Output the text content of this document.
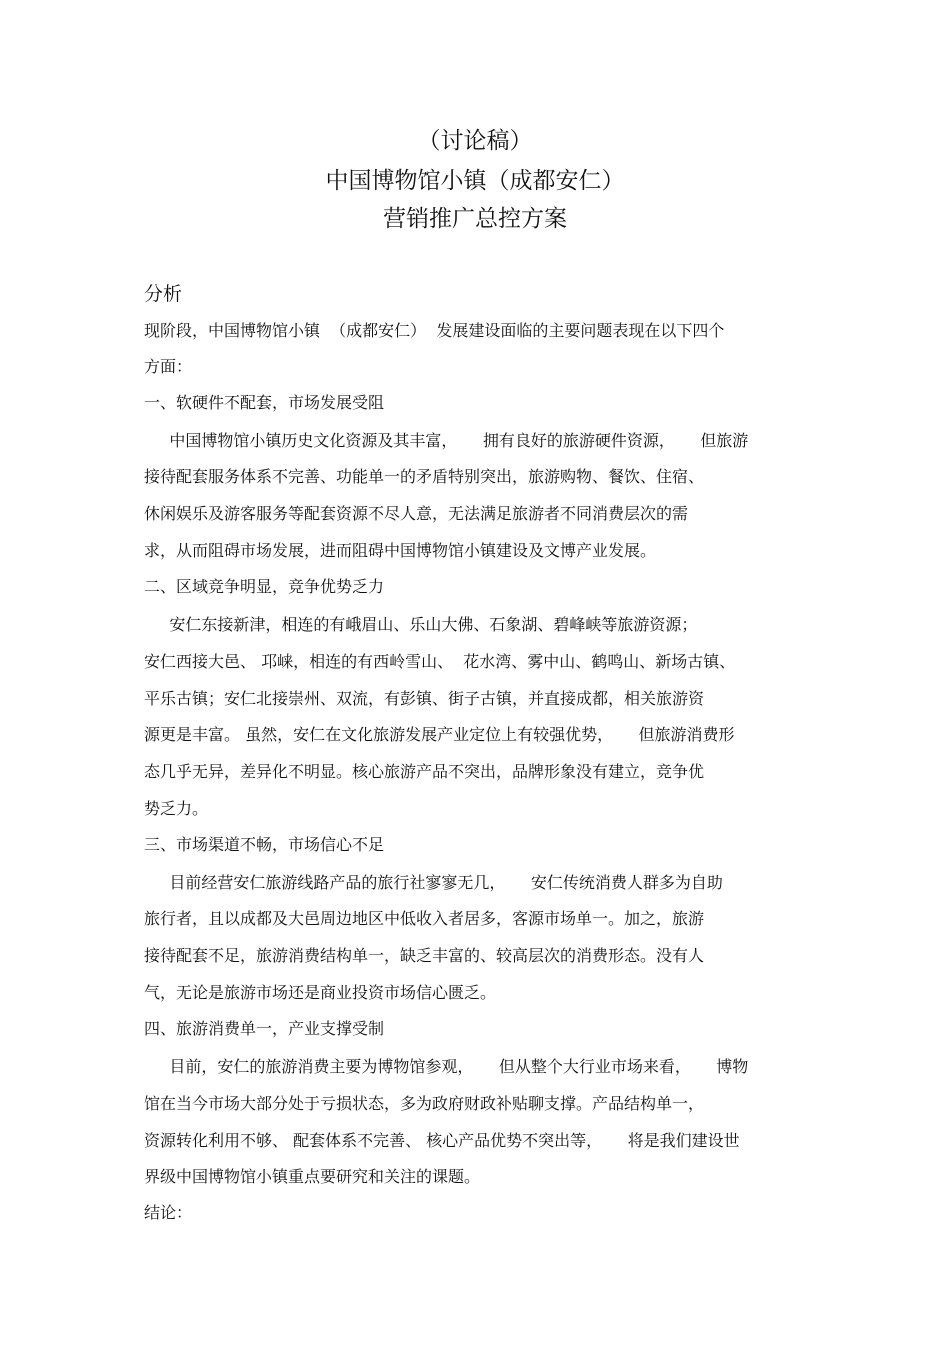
（讨论稿）
中国博物馆小镇（成都安仁）
营销推广总控方案
分析
现阶段，中国博物馆小镇  （成都安仁）  发展建设面临的主要问题表现在以下四个
方面：
一、软硬件不配套，市场发展受阻
中国博物馆小镇历史文化资源及其丰富，     拥有良好的旅游硬件资源，     但旅游
接待配套服务体系不完善、功能单一的矛盾特别突出，旅游购物、餐饮、住宿、
休闲娱乐及游客服务等配套资源不尽人意，无法满足旅游者不同消费层次的需
求，从而阻碍市场发展，进而阻碍中国博物馆小镇建设及文博产业发展。
二、区域竞争明显，竞争优势乏力
安仁东接新津，相连的有峨眉山、乐山大佛、石象湖、碧峰峡等旅游资源；
安仁西接大邑、 邛崃，相连的有西岭雪山、  花水湾、雾中山、鹤鸣山、新场古镇、
平乐古镇；安仁北接崇州、双流，有彭镇、街子古镇，并直接成都，相关旅游资
源更是丰富。 虽然，安仁在文化旅游发展产业定位上有较强优势，     但旅游消费形
态几乎无异，差异化不明显。核心旅游产品不突出，品牌形象没有建立，竞争优
势乏力。
三、市场渠道不畅，市场信心不足
目前经营安仁旅游线路产品的旅行社寥寥无几，     安仁传统消费人群多为自助
旅行者，且以成都及大邑周边地区中低收入者居多，客源市场单一。加之，旅游
接待配套不足，旅游消费结构单一，缺乏丰富的、较高层次的消费形态。没有人
气，无论是旅游市场还是商业投资市场信心匮乏。
四、旅游消费单一，产业支撑受制
目前，安仁的旅游消费主要为博物馆参观，     但从整个大行业市场来看，     博物
馆在当今市场大部分处于亏损状态，多为政府财政补贴聊支撑。产品结构单一，
资源转化利用不够、 配套体系不完善、 核心产品优势不突出等，     将是我们建设世
界级中国博物馆小镇重点要研究和关注的课题。
结论：
